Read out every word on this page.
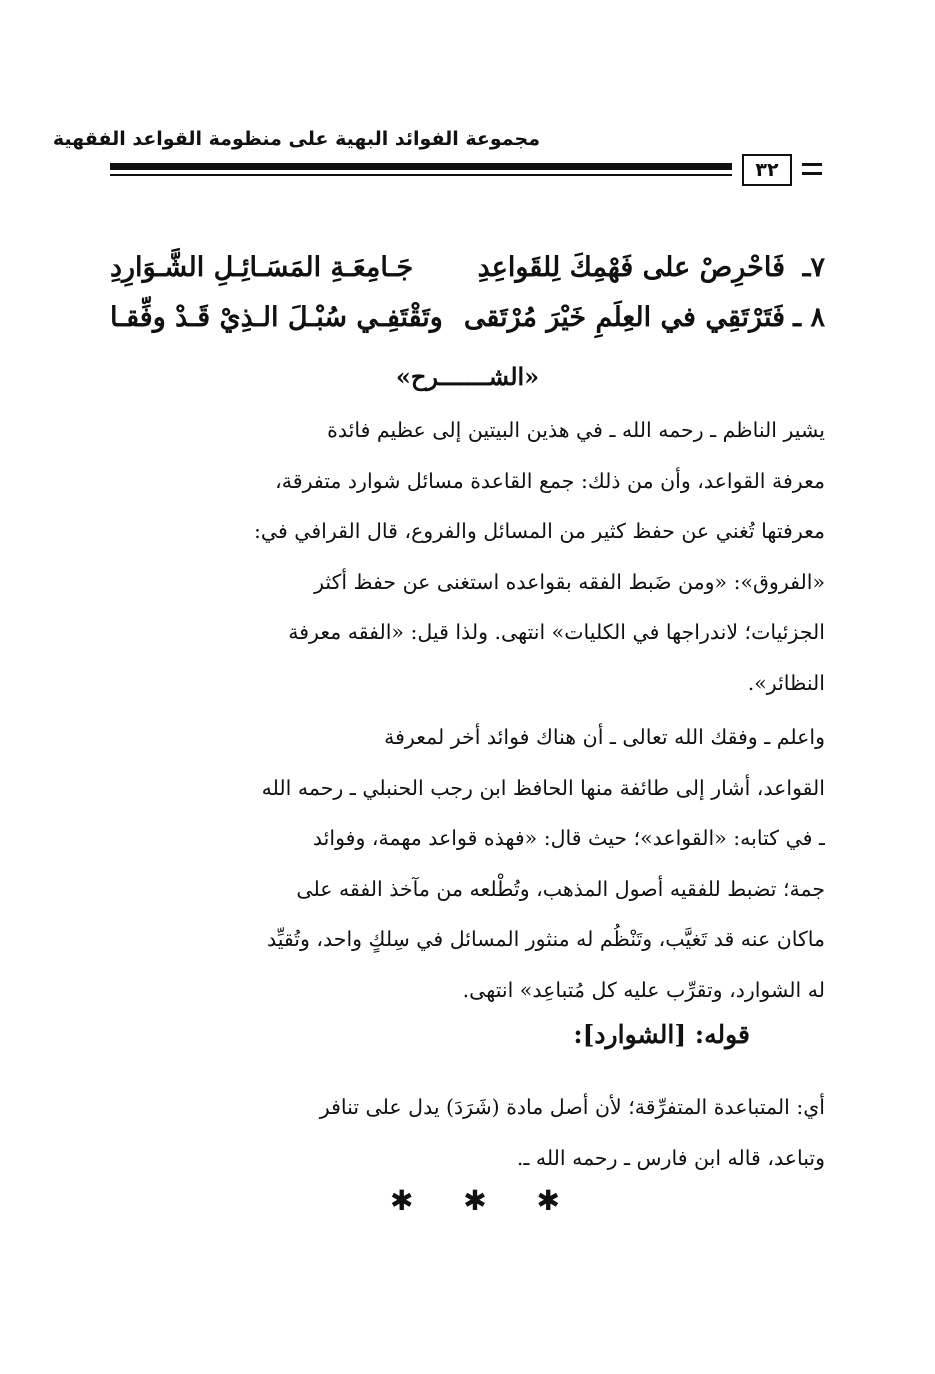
مجموعة الفوائد البهية على منظومة القواعد الفقهية
٣٢
٧ـ
فَاحْرِصْ على فَهْمِكَ لِلقَواعِدِ
جَـامِعَـةِ المَسَـائِـلِ الشَّـوَارِدِ
٨ ـ
فَتَرْتَقِي في العِلَمِ خَيْرَ مُرْتَقى
وتَقْتَفِـي سُبْـلَ الـذِيْ قَـدْ وفِّقـا
«الشـــــــرح»
يشير الناظم ـ رحمه الله ـ في هذين البيتين إلى عظيم فائدة
معرفة القواعد، وأن من ذلك: جمع القاعدة مسائل شوارد متفرقة،
معرفتها تُغني عن حفظ كثير من المسائل والفروع، قال القرافي في:
«الفروق»: «ومن ضَبط الفقه بقواعده استغنى عن حفظ أكثر
الجزئيات؛ لاندراجها في الكليات» انتهى. ولذا قيل: «الفقه معرفة
النظائر».
واعلم ـ وفقك الله تعالى ـ أن هناك فوائد أخر لمعرفة
القواعد، أشار إلى طائفة منها الحافظ ابن رجب الحنبلي ـ رحمه الله
ـ في كتابه: «القواعد»؛ حيث قال: «فهذه قواعد مهمة، وفوائد
جمة؛ تضبط للفقيه أصول المذهب، وتُطْلعه من مآخذ الفقه على
ماكان عنه قد تَغيَّب، وتَنْظُم له منثور المسائل في سِلكٍ واحد، وتُقيِّد
له الشوارد، وتقرِّب عليه كل مُتباعِد» انتهى.
قوله: [الشوارد]:
أي: المتباعدة المتفرِّقة؛ لأن أصل مادة (شَرَدَ) يدل على تنافر
وتباعد، قاله ابن فارس ـ رحمه الله ـ.
✱ ✱ ✱
